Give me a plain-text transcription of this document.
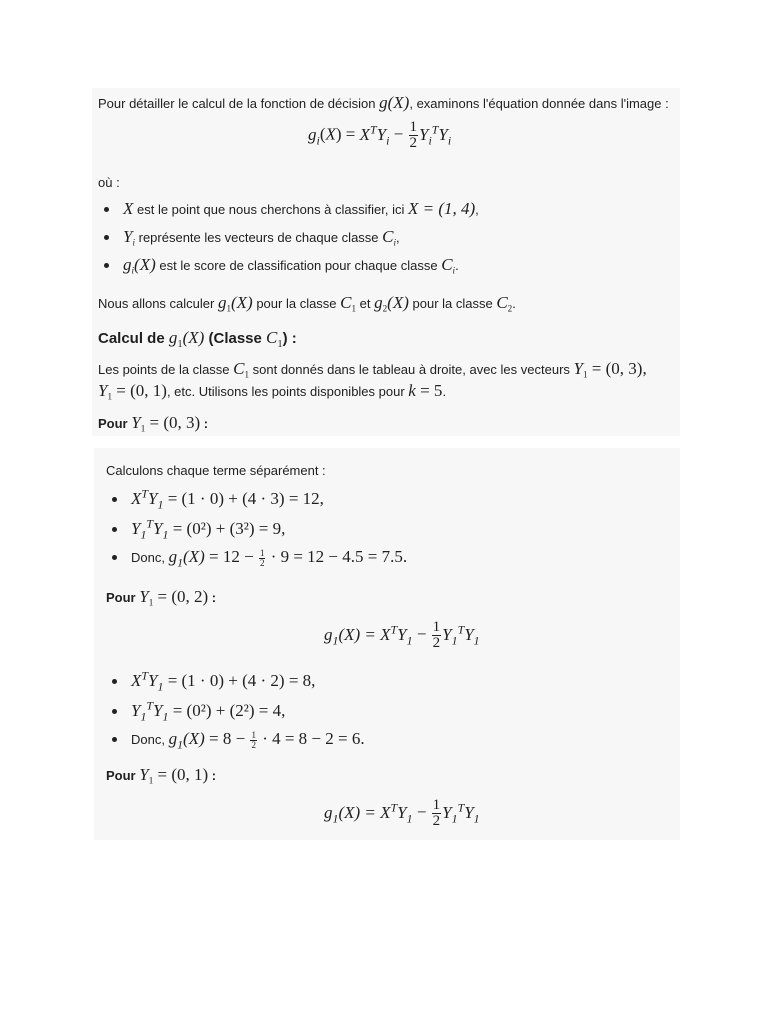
Pour détailler le calcul de la fonction de décision g(X), examinons l'équation donnée dans l'image :
$g_i(X) = X^TY_i - \frac{1}{2} Y_i^TY_i$
où :
X est le point que nous cherchons à classifier, ici X = (1, 4),
$Y_i$ représente les vecteurs de chaque classe $C_i$,
$g_i(X)$ est le score de classification pour chaque classe $C_i$.
Nous allons calculer $g_1(X)$ pour la classe $C_1$ et $g_2(X)$ pour la classe $C_2$.
Calcul de $g_1(X)$ (Classe $C_1$) :
Les points de la classe $C_1$ sont donnés dans le tableau à droite, avec les vecteurs $Y_1 = (0$, 3),
$Y_1 = (0$, 1), etc. Utilisons les points disponibles pour k = 5.
Pour $Y_1 = (0$, 3) :
Calculons chaque terme séparément :
$X^TY_1 = (1 \cdot 0) + (4 \cdot 3) = 12$,
$Y_1^TY_1 = (0^2) + (3^2) = 9$,
Donc, $g_1(X) = 12 - \frac{1}{2} \cdot 9 = 12 - 4.5 = 7.5$.
Pour $Y_1 = (0$, 2) :
$g_1(X) = X^TY_1 - \frac{1}{2} Y_1^TY_1$
$X^TY_1 = (1 \cdot 0) + (4 \cdot 2) = 8$,
$Y_1^TY_1 = (0^2) + (2^2) = 4$,
Donc, $g_1(X) = 8 - \frac{1}{2} \cdot 4 = 8 - 2 = 6$.
Pour $Y_1 = (0$, 1) :
$g_1(X) = X^TY_1 - \frac{1}{2} Y_1^TY_1$
